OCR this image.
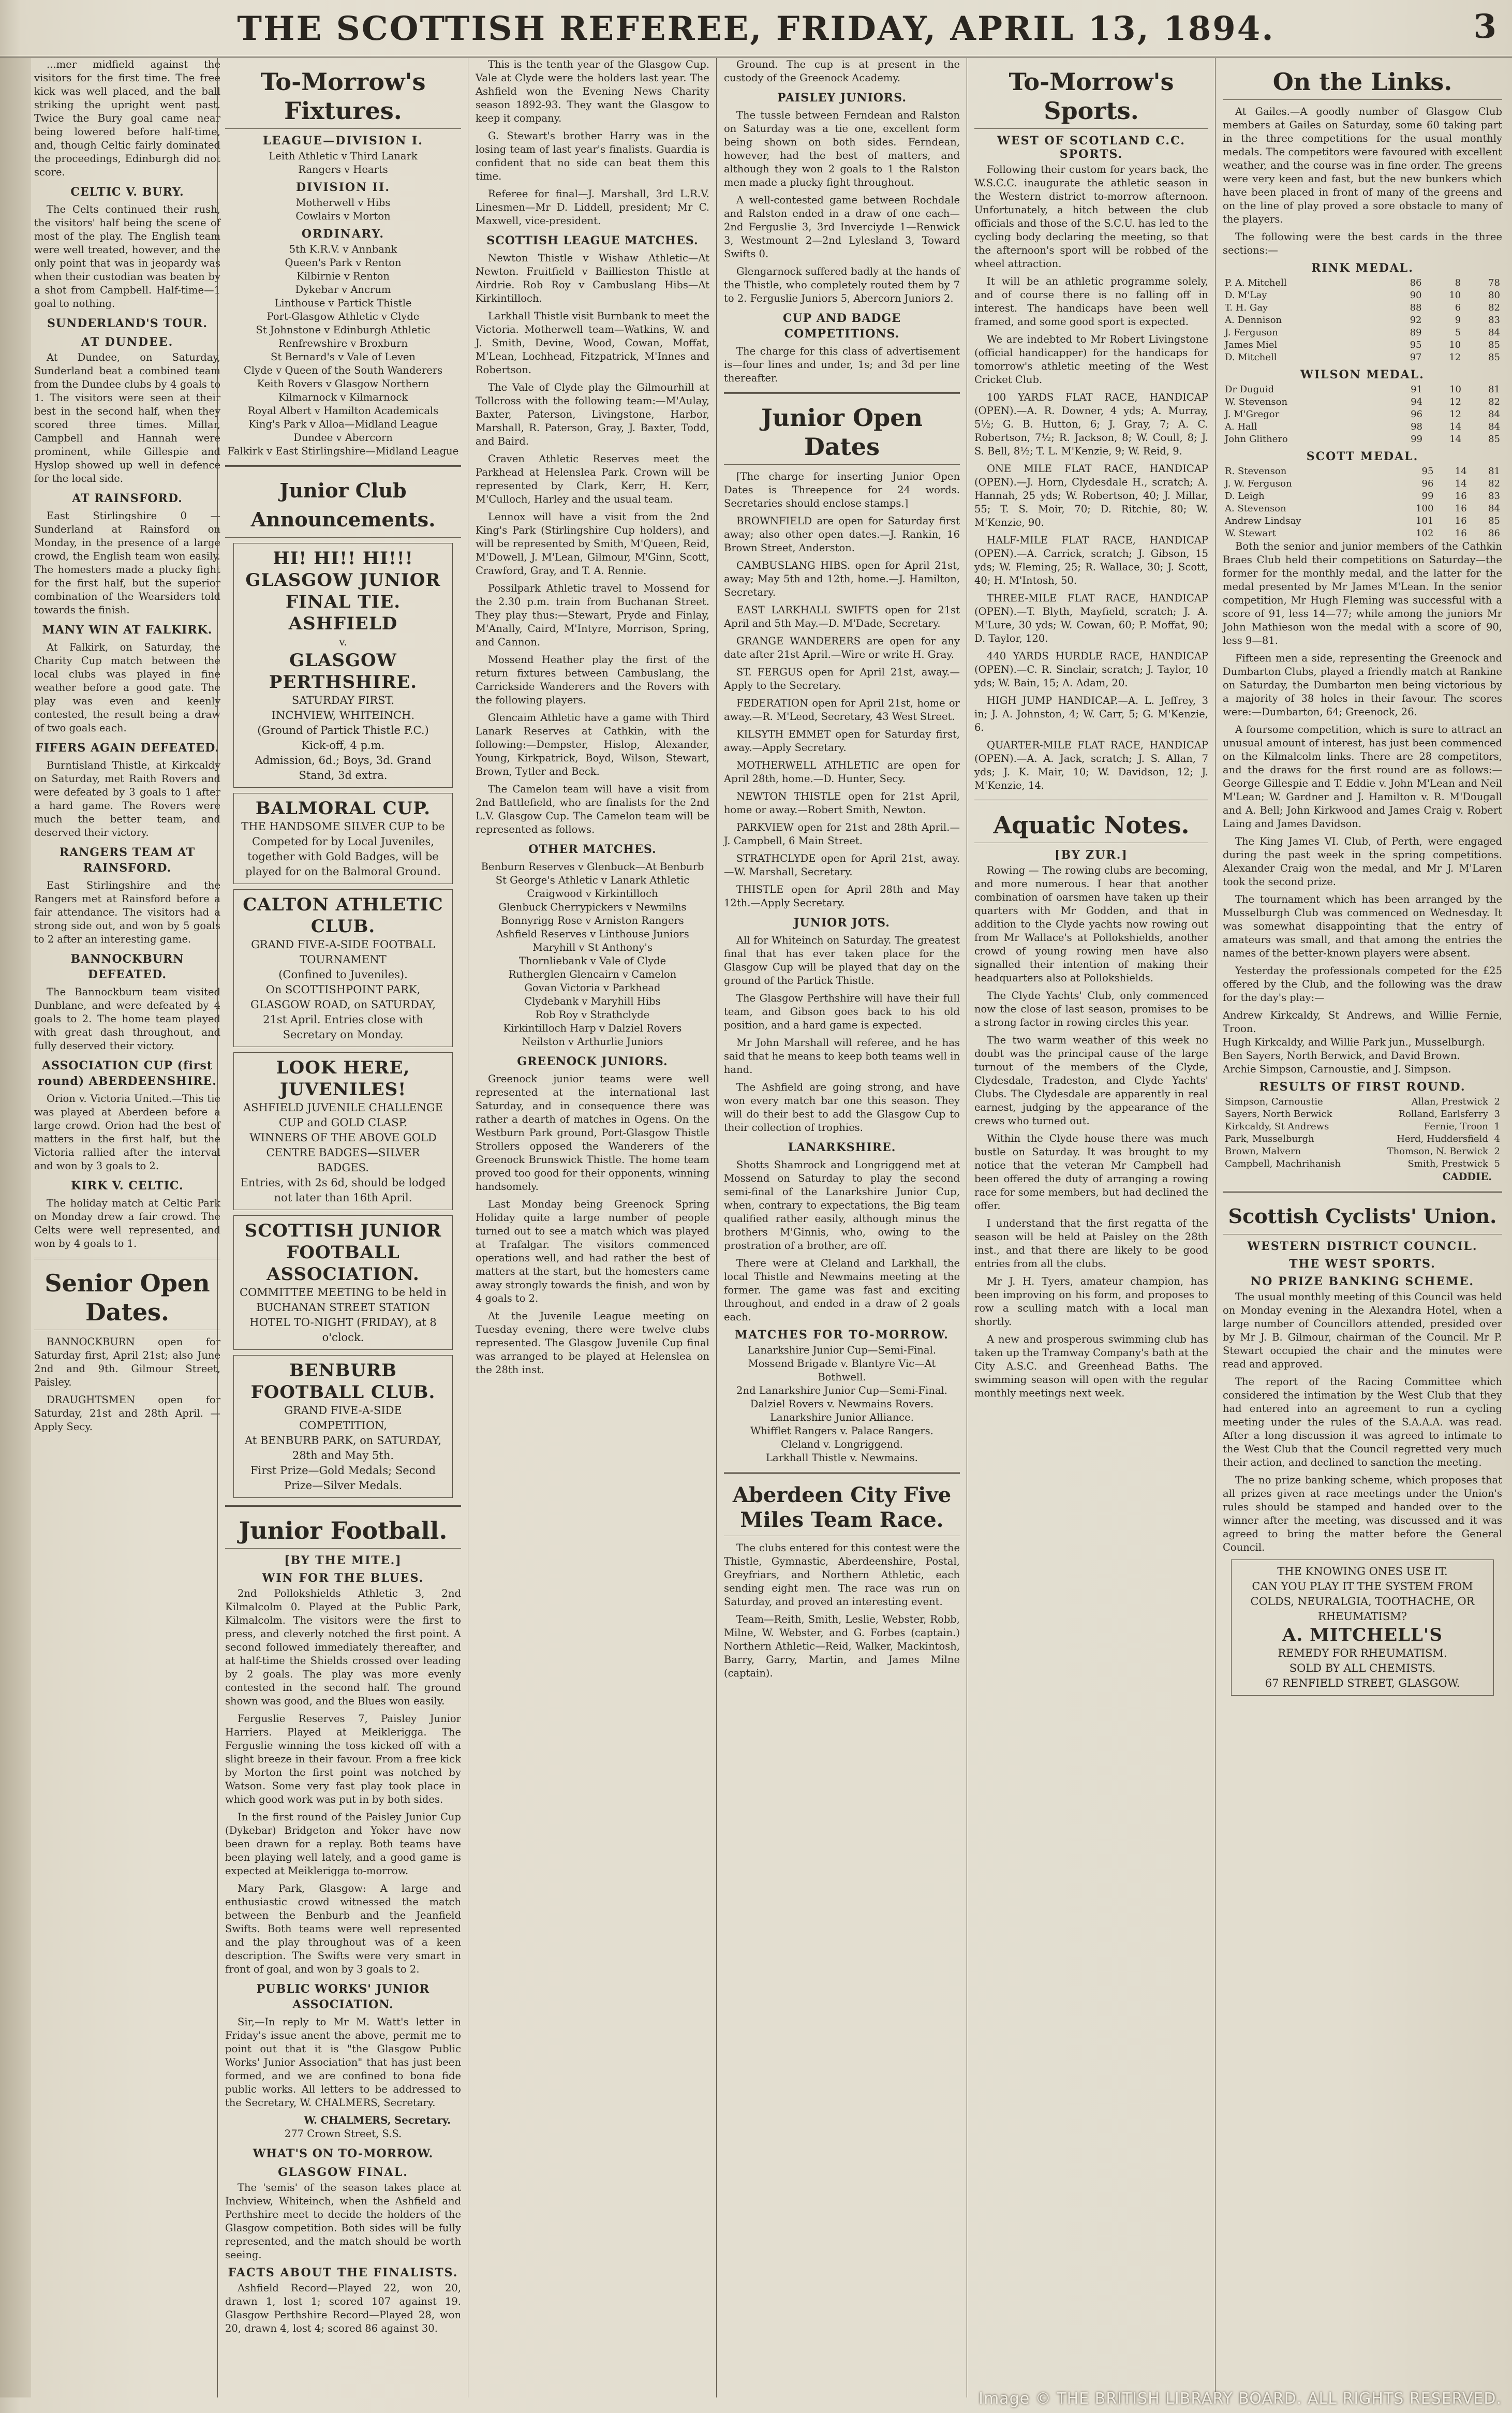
THE SCOTTISH REFEREE, FRIDAY, APRIL 13, 1894.	3

...mer midfield against the visitors for the first time. The free kick was well placed, and the ball striking the upright went past. Twice the Bury goal came near being lowered before half-time, and, though Celtic fairly dominated the proceedings, Edinburgh did not score.

CELTIC V. BURY.

The Celts continued their rush, the visitors' half being the scene of most of the play. The English team were well treated, however, and the only point that was in jeopardy was when their custodian was beaten by a shot from Campbell. Half-time—1 goal to nothing.

SUNDERLAND'S TOUR.
AT DUNDEE.

At Dundee, on Saturday, Sunderland beat a combined team from the Dundee clubs by 4 goals to 1. The visitors were seen at their best in the second half, when they scored three times. Millar, Campbell and Hannah were prominent, while Gillespie and Hyslop showed up well in defence for the local side.

AT RAINSFORD.

East Stirlingshire 0 — Sunderland at Rainsford on Monday, in the presence of a large crowd, the English team won easily. The homesters made a plucky fight for the first half, but the superior combination of the Wearsiders told towards the finish.

MANY WIN AT FALKIRK.

At Falkirk, on Saturday, the Charity Cup match between the local clubs was played in fine weather before a good gate. The play was even and keenly contested, the result being a draw of two goals each.

FIFERS AGAIN DEFEATED.

Burntisland Thistle, at Kirkcaldy on Saturday, met Raith Rovers and were defeated by 3 goals to 1 after a hard game. The Rovers were much the better team, and deserved their victory.

RANGERS TEAM AT RAINSFORD.

East Stirlingshire and the Rangers met at Rainsford before a fair attendance. The visitors had a strong side out, and won by 5 goals to 2 after an interesting game.

BANNOCKBURN DEFEATED.

The Bannockburn team visited Dunblane, and were defeated by 4 goals to 2. The home team played with great dash throughout, and fully deserved their victory.

ASSOCIATION CUP (first round) ABERDEENSHIRE.

Orion v. Victoria United.—This tie was played at Aberdeen before a large crowd. Orion had the best of matters in the first half, but the Victoria rallied after the interval and won by 3 goals to 2.

KIRK V. CELTIC.

The holiday match at Celtic Park on Monday drew a fair crowd. The Celts were well represented, and won by 4 goals to 1.

Senior Open Dates.

BANNOCKBURN open for Saturday first, April 21st; also June 2nd and 9th. Gilmour Street, Paisley.

DRAUGHTSMEN open for Saturday, 21st and 28th April. — Apply Secy.

To-Morrow's Fixtures.
LEAGUE—DIVISION I.
Leith Athletic v Third Lanark
Rangers v Hearts
DIVISION II.
Motherwell v Hibs
Cowlairs v Morton
ORDINARY.
5th K.R.V. v Annbank
Queen's Park v Renton
Kilbirnie v Renton
Dykebar v Ancrum
Linthouse v Partick Thistle
Port-Glasgow Athletic v Clyde
St Johnstone v Edinburgh Athletic
Renfrewshire v Broxburn
St Bernard's v Vale of Leven
Clyde v Queen of the South Wanderers
Keith Rovers v Glasgow Northern
Kilmarnock v Kilmarnock
Royal Albert v Hamilton Academicals
King's Park v Alloa—Midland League
Dundee v Abercorn
Falkirk v East Stirlingshire—Midland League
Junior Club Announcements.
HI! HI!! HI!!!
GLASGOW JUNIOR FINAL TIE.
ASHFIELD
v.
GLASGOW PERTHSHIRE.
SATURDAY FIRST.
INCHVIEW, WHITEINCH.
(Ground of Partick Thistle F.C.)
Kick-off, 4 p.m.
Admission, 6d.; Boys, 3d. Grand Stand, 3d extra.
BALMORAL CUP.
THE HANDSOME SILVER CUP to be Competed for by Local Juveniles, together with Gold Badges, will be played for on the Balmoral Ground.
CALTON ATHLETIC CLUB.
GRAND FIVE-A-SIDE FOOTBALL TOURNAMENT
(Confined to Juveniles).
On SCOTTISHPOINT PARK, GLASGOW ROAD, on SATURDAY, 21st April. Entries close with Secretary on Monday.
LOOK HERE, JUVENILES!
ASHFIELD JUVENILE CHALLENGE CUP and GOLD CLASP.
WINNERS OF THE ABOVE GOLD CENTRE BADGES—SILVER BADGES.
Entries, with 2s 6d, should be lodged not later than 16th April.
SCOTTISH JUNIOR FOOTBALL ASSOCIATION.
COMMITTEE MEETING to be held in BUCHANAN STREET STATION HOTEL TO-NIGHT (FRIDAY), at 8 o'clock.
BENBURB FOOTBALL CLUB.
GRAND FIVE-A-SIDE COMPETITION,
At BENBURB PARK, on SATURDAY, 28th and May 5th.
First Prize—Gold Medals; Second Prize—Silver Medals.
Junior Football.
[BY THE MITE.]
WIN FOR THE BLUES.

2nd Pollokshields Athletic 3, 2nd Kilmalcolm 0. Played at the Public Park, Kilmalcolm. The visitors were the first to press, and cleverly notched the first point. A second followed immediately thereafter, and at half-time the Shields crossed over leading by 2 goals. The play was more evenly contested in the second half. The ground shown was good, and the Blues won easily.

Ferguslie Reserves 7, Paisley Junior Harriers. Played at Meiklerigga. The Ferguslie winning the toss kicked off with a slight breeze in their favour. From a free kick by Morton the first point was notched by Watson. Some very fast play took place in which good work was put in by both sides.

In the first round of the Paisley Junior Cup (Dykebar) Bridgeton and Yoker have now been drawn for a replay. Both teams have been playing well lately, and a good game is expected at Meiklerigga to-morrow.

Mary Park, Glasgow: A large and enthusiastic crowd witnessed the match between the Benburb and the Jeanfield Swifts. Both teams were well represented and the play throughout was of a keen description. The Swifts were very smart in front of goal, and won by 3 goals to 2.

PUBLIC WORKS' JUNIOR ASSOCIATION.

Sir,—In reply to Mr M. Watt's letter in Friday's issue anent the above, permit me to point out that it is "the Glasgow Public Works' Junior Association" that has just been formed, and we are confined to bona fide public works. All letters to be addressed to the Secretary, W. CHALMERS, Secretary.

W. CHALMERS, Secretary.
277 Crown Street, S.S.
WHAT'S ON TO-MORROW.
GLASGOW FINAL.

The 'semis' of the season takes place at Inchview, Whiteinch, when the Ashfield and Perthshire meet to decide the holders of the Glasgow competition. Both sides will be fully represented, and the match should be worth seeing.

FACTS ABOUT THE FINALISTS.

Ashfield Record—Played 22, won 20, drawn 1, lost 1; scored 107 against 19. Glasgow Perthshire Record—Played 28, won 20, drawn 4, lost 4; scored 86 against 30.

This is the tenth year of the Glasgow Cup. Vale at Clyde were the holders last year. The Ashfield won the Evening News Charity season 1892-93. They want the Glasgow to keep it company.

G. Stewart's brother Harry was in the losing team of last year's finalists. Guardia is confident that no side can beat them this time.

Referee for final—J. Marshall, 3rd L.R.V. Linesmen—Mr D. Liddell, president; Mr C. Maxwell, vice-president.

SCOTTISH LEAGUE MATCHES.

Newton Thistle v Wishaw Athletic—At Newton. Fruitfield v Baillieston Thistle at Airdrie. Rob Roy v Cambuslang Hibs—At Kirkintilloch.

Larkhall Thistle visit Burnbank to meet the Victoria. Motherwell team—Watkins, W. and J. Smith, Devine, Wood, Cowan, Moffat, M'Lean, Lochhead, Fitzpatrick, M'Innes and Robertson.

The Vale of Clyde play the Gilmourhill at Tollcross with the following team:—M'Aulay, Baxter, Paterson, Livingstone, Harbor, Marshall, R. Paterson, Gray, J. Baxter, Todd, and Baird.

Craven Athletic Reserves meet the Parkhead at Helenslea Park. Crown will be represented by Clark, Kerr, H. Kerr, M'Culloch, Harley and the usual team.

Lennox will have a visit from the 2nd King's Park (Stirlingshire Cup holders), and will be represented by Smith, M'Queen, Reid, M'Dowell, J. M'Lean, Gilmour, M'Ginn, Scott, Crawford, Gray, and T. A. Rennie.

Possilpark Athletic travel to Mossend for the 2.30 p.m. train from Buchanan Street. They play thus:—Stewart, Pryde and Finlay, M'Anally, Caird, M'Intyre, Morrison, Spring, and Cannon.

Mossend Heather play the first of the return fixtures between Cambuslang, the Carrickside Wanderers and the Rovers with the following players.

Glencaim Athletic have a game with Third Lanark Reserves at Cathkin, with the following:—Dempster, Hislop, Alexander, Young, Kirkpatrick, Boyd, Wilson, Stewart, Brown, Tytler and Beck.

The Camelon team will have a visit from 2nd Battlefield, who are finalists for the 2nd L.V. Glasgow Cup. The Camelon team will be represented as follows.

OTHER MATCHES.
Benburn Reserves v Glenbuck—At Benburb
St George's Athletic v Lanark Athletic
Craigwood v Kirkintilloch
Glenbuck Cherrypickers v Newmilns
Bonnyrigg Rose v Arniston Rangers
Ashfield Reserves v Linthouse Juniors
Maryhill v St Anthony's
Thornliebank v Vale of Clyde
Rutherglen Glencairn v Camelon
Govan Victoria v Parkhead
Clydebank v Maryhill Hibs
Rob Roy v Strathclyde
Kirkintilloch Harp v Dalziel Rovers
Neilston v Arthurlie Juniors
GREENOCK JUNIORS.

Greenock junior teams were well represented at the international last Saturday, and in consequence there was rather a dearth of matches in Ogens. On the Westburn Park ground, Port-Glasgow Thistle Strollers opposed the Wanderers of the Greenock Brunswick Thistle. The home team proved too good for their opponents, winning handsomely.

Last Monday being Greenock Spring Holiday quite a large number of people turned out to see a match which was played at Trafalgar. The visitors commenced operations well, and had rather the best of matters at the start, but the homesters came away strongly towards the finish, and won by 4 goals to 2.

At the Juvenile League meeting on Tuesday evening, there were twelve clubs represented. The Glasgow Juvenile Cup final was arranged to be played at Helenslea on the 28th inst.

Ground. The cup is at present in the custody of the Greenock Academy.

PAISLEY JUNIORS.

The tussle between Ferndean and Ralston on Saturday was a tie one, excellent form being shown on both sides. Ferndean, however, had the best of matters, and although they won 2 goals to 1 the Ralston men made a plucky fight throughout.

A well-contested game between Rochdale and Ralston ended in a draw of one each—2nd Ferguslie 3, 3rd Inverciyde 1—Renwick 3, Westmount 2—2nd Lylesland 3, Toward Swifts 0.

Glengarnock suffered badly at the hands of the Thistle, who completely routed them by 7 to 2. Ferguslie Juniors 5, Abercorn Juniors 2.

CUP AND BADGE COMPETITIONS.

The charge for this class of advertisement is—four lines and under, 1s; and 3d per line thereafter.

Junior Open Dates

[The charge for inserting Junior Open Dates is Threepence for 24 words. Secretaries should enclose stamps.]

BROWNFIELD are open for Saturday first away; also other open dates.—J. Rankin, 16 Brown Street, Anderston.

CAMBUSLANG HIBS. open for April 21st, away; May 5th and 12th, home.—J. Hamilton, Secretary.

EAST LARKHALL SWIFTS open for 21st April and 5th May.—D. M'Dade, Secretary.

GRANGE WANDERERS are open for any date after 21st April.—Wire or write H. Gray.

ST. FERGUS open for April 21st, away.—Apply to the Secretary.

FEDERATION open for April 21st, home or away.—R. M'Leod, Secretary, 43 West Street.

KILSYTH EMMET open for Saturday first, away.—Apply Secretary.

MOTHERWELL ATHLETIC are open for April 28th, home.—D. Hunter, Secy.

NEWTON THISTLE open for 21st April, home or away.—Robert Smith, Newton.

PARKVIEW open for 21st and 28th April.—J. Campbell, 6 Main Street.

STRATHCLYDE open for April 21st, away.—W. Marshall, Secretary.

THISTLE open for April 28th and May 12th.—Apply Secretary.

JUNIOR JOTS.

All for Whiteinch on Saturday. The greatest final that has ever taken place for the Glasgow Cup will be played that day on the ground of the Partick Thistle.

The Glasgow Perthshire will have their full team, and Gibson goes back to his old position, and a hard game is expected.

Mr John Marshall will referee, and he has said that he means to keep both teams well in hand.

The Ashfield are going strong, and have won every match bar one this season. They will do their best to add the Glasgow Cup to their collection of trophies.

LANARKSHIRE.

Shotts Shamrock and Longriggend met at Mossend on Saturday to play the second semi-final of the Lanarkshire Junior Cup, when, contrary to expectations, the Big team qualified rather easily, although minus the brothers M'Ginnis, who, owing to the prostration of a brother, are off.

There were at Cleland and Larkhall, the local Thistle and Newmains meeting at the former. The game was fast and exciting throughout, and ended in a draw of 2 goals each.

MATCHES FOR TO-MORROW.
Lanarkshire Junior Cup—Semi-Final.
Mossend Brigade v. Blantyre Vic—At Bothwell.
2nd Lanarkshire Junior Cup—Semi-Final.
Dalziel Rovers v. Newmains Rovers.
Lanarkshire Junior Alliance.
Whifflet Rangers v. Palace Rangers.
Cleland v. Longriggend.
Larkhall Thistle v. Newmains.
Aberdeen City Five Miles Team Race.

The clubs entered for this contest were the Thistle, Gymnastic, Aberdeenshire, Postal, Greyfriars, and Northern Athletic, each sending eight men. The race was run on Saturday, and proved an interesting event.

Team—Reith, Smith, Leslie, Webster, Robb, Milne, W. Webster, and G. Forbes (captain.) Northern Athletic—Reid, Walker, Mackintosh, Barry, Garry, Martin, and James Milne (captain).

To-Morrow's Sports.
WEST OF SCOTLAND C.C. SPORTS.

Following their custom for years back, the W.S.C.C. inaugurate the athletic season in the Western district to-morrow afternoon. Unfortunately, a hitch between the club officials and those of the S.C.U. has led to the cycling body declaring the meeting, so that the afternoon's sport will be robbed of the wheel attraction.

It will be an athletic programme solely, and of course there is no falling off in interest. The handicaps have been well framed, and some good sport is expected.

We are indebted to Mr Robert Livingstone (official handicapper) for the handicaps for tomorrow's athletic meeting of the West Cricket Club.

100 YARDS FLAT RACE, HANDICAP (OPEN).—A. R. Downer, 4 yds; A. Murray, 5½; G. B. Hutton, 6; J. Gray, 7; A. C. Robertson, 7½; R. Jackson, 8; W. Coull, 8; J. S. Bell, 8½; T. L. M'Kenzie, 9; W. Reid, 9.

ONE MILE FLAT RACE, HANDICAP (OPEN).—J. Horn, Clydesdale H., scratch; A. Hannah, 25 yds; W. Robertson, 40; J. Millar, 55; T. S. Moir, 70; D. Ritchie, 80; W. M'Kenzie, 90.

HALF-MILE FLAT RACE, HANDICAP (OPEN).—A. Carrick, scratch; J. Gibson, 15 yds; W. Fleming, 25; R. Wallace, 30; J. Scott, 40; H. M'Intosh, 50.

THREE-MILE FLAT RACE, HANDICAP (OPEN).—T. Blyth, Mayfield, scratch; J. A. M'Lure, 30 yds; W. Cowan, 60; P. Moffat, 90; D. Taylor, 120.

440 YARDS HURDLE RACE, HANDICAP (OPEN).—C. R. Sinclair, scratch; J. Taylor, 10 yds; W. Bain, 15; A. Adam, 20.

HIGH JUMP HANDICAP.—A. L. Jeffrey, 3 in; J. A. Johnston, 4; W. Carr, 5; G. M'Kenzie, 6.

QUARTER-MILE FLAT RACE, HANDICAP (OPEN).—A. A. Jack, scratch; J. S. Allan, 7 yds; J. K. Mair, 10; W. Davidson, 12; J. M'Kenzie, 14.

Aquatic Notes.
[BY ZUR.]

Rowing — The rowing clubs are becoming, and more numerous. I hear that another combination of oarsmen have taken up their quarters with Mr Godden, and that in addition to the Clyde yachts now rowing out from Mr Wallace's at Pollokshields, another crowd of young rowing men have also signalled their intention of making their headquarters also at Pollokshields.

The Clyde Yachts' Club, only commenced now the close of last season, promises to be a strong factor in rowing circles this year.

The two warm weather of this week no doubt was the principal cause of the large turnout of the members of the Clyde, Clydesdale, Tradeston, and Clyde Yachts' Clubs. The Clydesdale are apparently in real earnest, judging by the appearance of the crews who turned out.

Within the Clyde house there was much bustle on Saturday. It was brought to my notice that the veteran Mr Campbell had been offered the duty of arranging a rowing race for some members, but had declined the offer.

I understand that the first regatta of the season will be held at Paisley on the 28th inst., and that there are likely to be good entries from all the clubs.

Mr J. H. Tyers, amateur champion, has been improving on his form, and proposes to row a sculling match with a local man shortly.

A new and prosperous swimming club has taken up the Tramway Company's bath at the City A.S.C. and Greenhead Baths. The swimming season will open with the regular monthly meetings next week.

On the Links.

At Gailes.—A goodly number of Glasgow Club members at Gailes on Saturday, some 60 taking part in the three competitions for the usual monthly medals. The competitors were favoured with excellent weather, and the course was in fine order. The greens were very keen and fast, but the new bunkers which have been placed in front of many of the greens and on the line of play proved a sore obstacle to many of the players.

The following were the best cards in the three sections:—

RINK MEDAL.
P. A. Mitchell	86	8	78
D. M'Lay	90	10	80
T. H. Gay	88	6	82
A. Dennison	92	9	83
J. Ferguson	89	5	84
James Miel	95	10	85
D. Mitchell	97	12	85
WILSON MEDAL.
Dr Duguid	91	10	81
W. Stevenson	94	12	82
J. M'Gregor	96	12	84
A. Hall	98	14	84
John Glithero	99	14	85
SCOTT MEDAL.
R. Stevenson	95	14	81
J. W. Ferguson	96	14	82
D. Leigh	99	16	83
A. Stevenson	100	16	84
Andrew Lindsay	101	16	85
W. Stewart	102	16	86

Both the senior and junior members of the Cathkin Braes Club held their competitions on Saturday—the former for the monthly medal, and the latter for the medal presented by Mr James M'Lean. In the senior competition, Mr Hugh Fleming was successful with a score of 91, less 14—77; while among the juniors Mr John Mathieson won the medal with a score of 90, less 9—81.

Fifteen men a side, representing the Greenock and Dumbarton Clubs, played a friendly match at Rankine on Saturday, the Dumbarton men being victorious by a majority of 38 holes in their favour. The scores were:—Dumbarton, 64; Greenock, 26.

A foursome competition, which is sure to attract an unusual amount of interest, has just been commenced on the Kilmalcolm links. There are 28 competitors, and the draws for the first round are as follows:—George Gillespie and T. Eddie v. John M'Lean and Neil M'Lean; W. Gardner and J. Hamilton v. R. M'Dougall and A. Bell; John Kirkwood and James Craig v. Robert Laing and James Davidson.

The King James VI. Club, of Perth, were engaged during the past week in the spring competitions. Alexander Craig won the medal, and Mr J. M'Laren took the second prize.

The tournament which has been arranged by the Musselburgh Club was commenced on Wednesday. It was somewhat disappointing that the entry of amateurs was small, and that among the entries the names of the better-known players were absent.

Yesterday the professionals competed for the £25 offered by the Club, and the following was the draw for the day's play:—

Andrew Kirkcaldy, St Andrews, and Willie Fernie, Troon.
Hugh Kirkcaldy, and Willie Park jun., Musselburgh.
Ben Sayers, North Berwick, and David Brown.
Archie Simpson, Carnoustie, and J. Simpson.
RESULTS OF FIRST ROUND.
Simpson, Carnoustie	Allan, Prestwick	2
Sayers, North Berwick	Rolland, Earlsferry	3
Kirkcaldy, St Andrews	Fernie, Troon	1
Park, Musselburgh	Herd, Huddersfield	4
Brown, Malvern	Thomson, N. Berwick	2
Campbell, Machrihanish	Smith, Prestwick	5
CADDIE.
Scottish Cyclists' Union.
WESTERN DISTRICT COUNCIL.
THE WEST SPORTS.
NO PRIZE BANKING SCHEME.

The usual monthly meeting of this Council was held on Monday evening in the Alexandra Hotel, when a large number of Councillors attended, presided over by Mr J. B. Gilmour, chairman of the Council. Mr P. Stewart occupied the chair and the minutes were read and approved.

The report of the Racing Committee which considered the intimation by the West Club that they had entered into an agreement to run a cycling meeting under the rules of the S.A.A.A. was read. After a long discussion it was agreed to intimate to the West Club that the Council regretted very much their action, and declined to sanction the meeting.

The no prize banking scheme, which proposes that all prizes given at race meetings under the Union's rules should be stamped and handed over to the winner after the meeting, was discussed and it was agreed to bring the matter before the General Council.

THE KNOWING ONES USE IT.
CAN YOU PLAY IT THE SYSTEM FROM COLDS, NEURALGIA, TOOTHACHE, OR RHEUMATISM?
A. MITCHELL'S
REMEDY FOR RHEUMATISM.
SOLD BY ALL CHEMISTS.
67 RENFIELD STREET, GLASGOW.
Image © THE BRITISH LIBRARY BOARD. ALL RIGHTS RESERVED.
